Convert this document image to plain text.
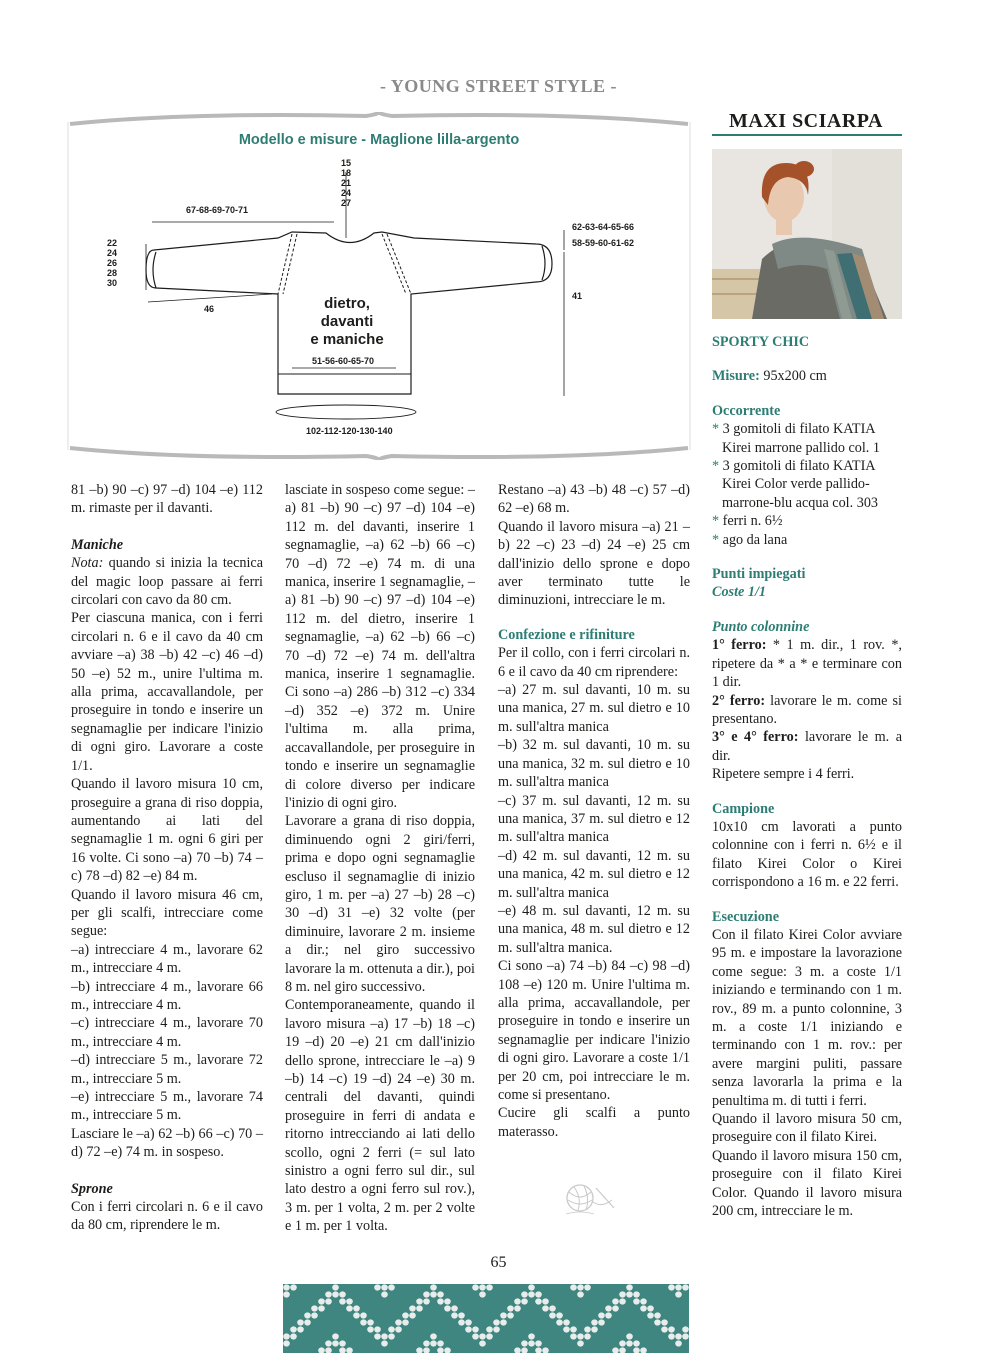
- YOUNG STREET STYLE -
Modello e misure - Maglione lilla-argento
15
18
21
24
27
67-68-69-70-71
22
24
26
28
30
46
62-63-64-65-66
58-59-60-61-62
41
dietro,
davanti
e maniche
51-56-60-65-70
102-112-120-130-140

81 –b) 90 –c) 97 –d) 104 –e) 112 m. rimaste per il davanti.

Maniche

Nota: quando si inizia la tecnica del magic loop passare ai ferri circolari con cavo da 80 cm.

Per ciascuna manica, con i ferri circolari n. 6 e il cavo da 40 cm avviare –a) 38 –b) 42 –c) 46 –d) 50 –e) 52 m., unire l'ultima m. alla prima, accavallandole, per proseguire in tondo e inserire un segnamaglie per indicare l'inizio di ogni giro. Lavorare a coste 1/1.

Quando il lavoro misura 10 cm, proseguire a grana di riso doppia, aumentando ai lati del segnamaglie 1 m. ogni 6 giri per 16 volte. Ci sono –a) 70 –b) 74 –c) 78 –d) 82 –e) 84 m.

Quando il lavoro misura 46 cm, per gli scalfi, intrecciare come segue:

–a) intrecciare 4 m., lavorare 62 m., intrecciare 4 m.

–b) intrecciare 4 m., lavorare 66 m., intrecciare 4 m.

–c) intrecciare 4 m., lavorare 70 m., intrecciare 4 m.

–d) intrecciare 5 m., lavorare 72 m., intrecciare 5 m.

–e) intrecciare 5 m., lavorare 74 m., intrecciare 5 m.

Lasciare le –a) 62 –b) 66 –c) 70 –d) 72 –e) 74 m. in sospeso.

Sprone

Con i ferri circolari n. 6 e il cavo da 80 cm, riprendere le m.

lasciate in sospeso come segue: –a) 81 –b) 90 –c) 97 –d) 104 –e) 112 m. del davanti, inserire 1 segnamaglie, –a) 62 –b) 66 –c) 70 –d) 72 –e) 74 m. di una manica, inserire 1 segnamaglie, –a) 81 –b) 90 –c) 97 –d) 104 –e) 112 m. del dietro, inserire 1 segnamaglie, –a) 62 –b) 66 –c) 70 –d) 72 –e) 74 m. dell'altra manica, inserire 1 segnamaglie. Ci sono –a) 286 –b) 312 –c) 334 –d) 352 –e) 372 m. Unire l'ultima m. alla prima, accavallandole, per proseguire in tondo e inserire un segnamaglie di colore diverso per indicare l'inizio di ogni giro.

Lavorare a grana di riso doppia, diminuendo ogni 2 giri/ferri, prima e dopo ogni segnamaglie escluso il segnamaglie di inizio giro, 1 m. per –a) 27 –b) 28 –c) 30 –d) 31 –e) 32 volte (per diminuire, lavorare 2 m. insieme a dir.; nel giro successivo lavorare la m. ottenuta a dir.), poi 8 m. nel giro successivo.

Contemporaneamente, quando il lavoro misura –a) 17 –b) 18 –c) 19 –d) 20 –e) 21 cm dall'inizio dello sprone, intrecciare le –a) 9 –b) 14 –c) 19 –d) 24 –e) 30 m. centrali del davanti, quindi proseguire in ferri di andata e ritorno intrecciando ai lati dello scollo, ogni 2 ferri (= sul lato sinistro a ogni ferro sul dir., sul lato destro a ogni ferro sul rov.), 3 m. per 1 volta, 2 m. per 2 volte e 1 m. per 1 volta.

Restano –a) 43 –b) 48 –c) 57 –d) 62 –e) 68 m.

Quando il lavoro misura –a) 21 –b) 22 –c) 23 –d) 24 –e) 25 cm dall'inizio dello sprone e dopo aver terminato tutte le diminuzioni, intrecciare le m.

Confezione e rifiniture

Per il collo, con i ferri circolari n. 6 e il cavo da 40 cm riprendere:

–a) 27 m. sul davanti, 10 m. su una manica, 27 m. sul dietro e 10 m. sull'altra manica

–b) 32 m. sul davanti, 10 m. su una manica, 32 m. sul dietro e 10 m. sull'altra manica

–c) 37 m. sul davanti, 12 m. su una manica, 37 m. sul dietro e 12 m. sull'altra manica

–d) 42 m. sul davanti, 12 m. su una manica, 42 m. sul dietro e 12 m. sull'altra manica

–e) 48 m. sul davanti, 12 m. su una manica, 48 m. sul dietro e 12 m. sull'altra manica.

Ci sono –a) 74 –b) 84 –c) 98 –d) 108 –e) 120 m. Unire l'ultima m. alla prima, accavallandole, per proseguire in tondo e inserire un segnamaglie per indicare l'inizio di ogni giro. Lavorare a coste 1/1 per 20 cm, poi intrecciare le m. come si presentano.

Cucire gli scalfi a punto materasso.

MAXI SCIARPA

SPORTY CHIC

Misure: 95x200 cm

Occorrente

* 3 gomitoli di filato KATIA Kirei marrone pallido col. 1

* 3 gomitoli di filato KATIA Kirei Color verde pallido-marrone-blu acqua col. 303

* ferri n. 6½

* ago da lana

Punti impiegati

Coste 1/1

Punto colonnine

1° ferro: * 1 m. dir., 1 rov. *, ripetere da * a * e terminare con 1 dir.

2° ferro: lavorare le m. come si presentano.

3° e 4° ferro: lavorare le m. a dir.

Ripetere sempre i 4 ferri.

Campione

10x10 cm lavorati a punto colonnine con i ferri n. 6½ e il filato Kirei Color o Kirei corrispondono a 16 m. e 22 ferri.

Esecuzione

Con il filato Kirei Color avviare 95 m. e impostare la lavorazione come segue: 3 m. a coste 1/1 iniziando e terminando con 1 m. rov., 89 m. a punto colonnine, 3 m. a coste 1/1 iniziando e terminando con 1 m. rov.: per avere margini puliti, passare senza lavorarla la prima e la penultima m. di tutti i ferri.

Quando il lavoro misura 50 cm, proseguire con il filato Kirei.

Quando il lavoro misura 150 cm, proseguire con il filato Kirei Color. Quando il lavoro misura 200 cm, intrecciare le m.

65
